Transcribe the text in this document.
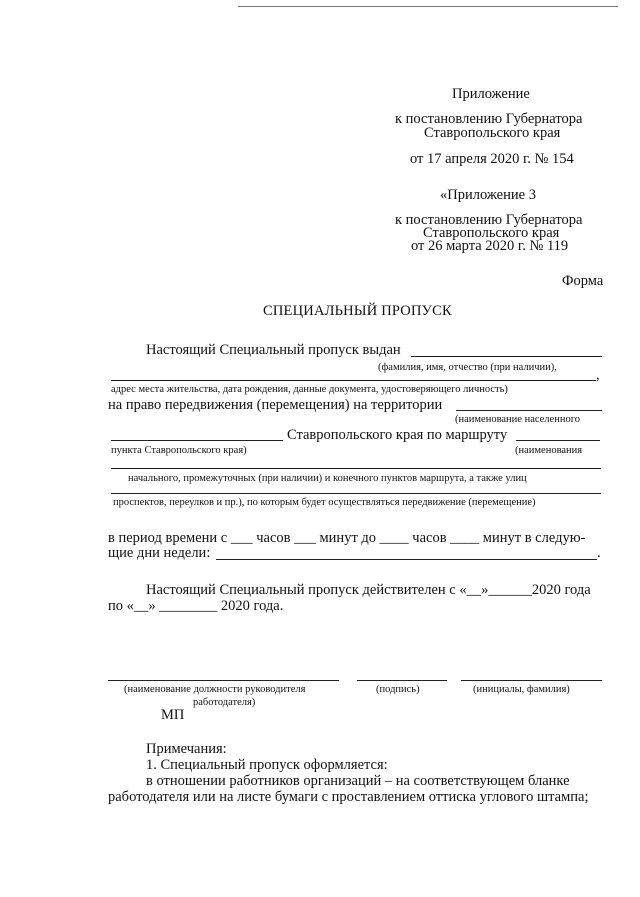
Приложение
к постановлению Губернатора
Ставропольского края
от 17 апреля 2020 г. № 154
«Приложение 3
к постановлению Губернатора
Ставропольского края
от 26 марта 2020 г. № 119
Форма
СПЕЦИАЛЬНЫЙ ПРОПУСК
Настоящий Специальный пропуск выдан
(фамилия, имя, отчество (при наличии),	,
адрес места жительства, дата рождения, данные документа, удостоверяющего личность)
на право передвижения (перемещения) на территории
(наименование населенного
Ставропольского края по маршруту
пункта Ставропольского края)	(наименования
начального, промежуточных (при наличии) и конечного пунктов маршрута, а также улиц
проспектов, переулков и пр.), по которым будет осуществляться передвижение (перемещение)
в период времени с ___ часов ___ минут до ____ часов ____ минут в следую-
щие дни недели:	.
Настоящий Специальный пропуск действителен с «__»______2020 года
по «__» ________ 2020 года.
(наименование должности руководителя
работодателя)
(подпись)	(инициалы, фамилия)
МП
Примечания:
1. Специальный пропуск оформляется:
в отношении работников организаций – на соответствующем бланке
работодателя или на листе бумаги с проставлением оттиска углового штампа;
